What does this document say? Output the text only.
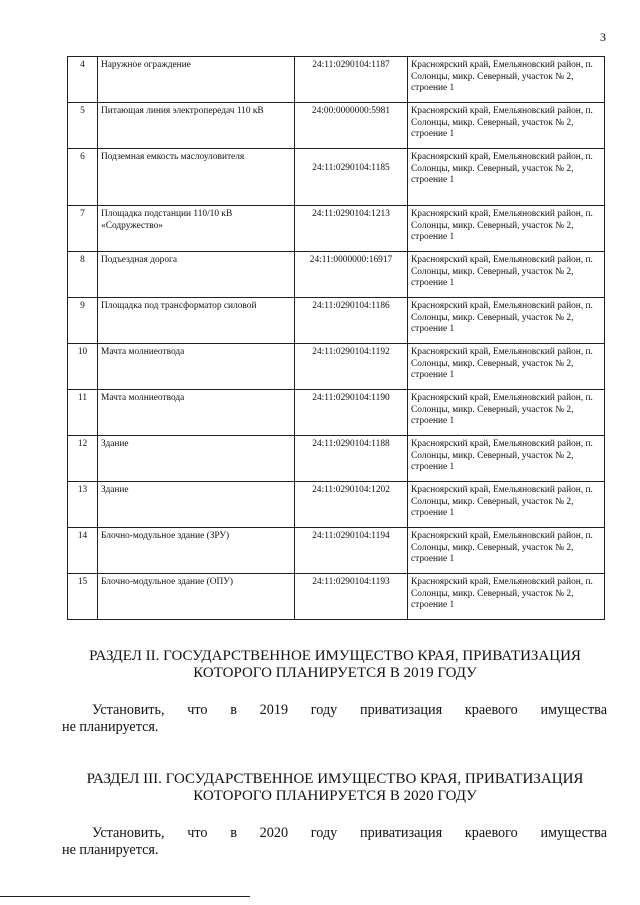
3
4	Наружное ограждение	24:11:0290104:1187	Красноярский край, Емельяновский район, п. Солонцы, микр. Северный, участок № 2, строение 1
5	Питающая линия электропередач 110 кВ	24:00:0000000:5981	Красноярский край, Емельяновский район, п. Солонцы, микр. Северный, участок № 2, строение 1
6	Подземная емкость маслоуловителя	24:11:0290104:1185	Красноярский край, Емельяновский район, п. Солонцы, микр. Северный, участок № 2, строение 1
7	Площадка подстанции 110/10 кВ «Содружество»	24:11:0290104:1213	Красноярский край, Емельяновский район, п. Солонцы, микр. Северный, участок № 2, строение 1
8	Подъездная дорога	24:11:0000000:16917	Красноярский край, Емельяновский район, п. Солонцы, микр. Северный, участок № 2, строение 1
9	Площадка под трансформатор силовой	24:11:0290104:1186	Красноярский край, Емельяновский район, п. Солонцы, микр. Северный, участок № 2, строение 1
10	Мачта молниеотвода	24:11:0290104:1192	Красноярский край, Емельяновский район, п. Солонцы, микр. Северный, участок № 2, строение 1
11	Мачта молниеотвода	24:11:0290104:1190	Красноярский край, Емельяновский район, п. Солонцы, микр. Северный, участок № 2, строение 1
12	Здание	24:11:0290104:1188	Красноярский край, Емельяновский район, п. Солонцы, микр. Северный, участок № 2, строение 1
13	Здание	24:11:0290104:1202	Красноярский край, Емельяновский район, п. Солонцы, микр. Северный, участок № 2, строение 1
14	Блочно-модульное здание (ЗРУ)	24:11:0290104:1194	Красноярский край, Емельяновский район, п. Солонцы, микр. Северный, участок № 2, строение 1
15	Блочно-модульное здание (ОПУ)	24:11:0290104:1193	Красноярский край, Емельяновский район, п. Солонцы, микр. Северный, участок № 2, строение 1
РАЗДЕЛ II. ГОСУДАРСТВЕННОЕ ИМУЩЕСТВО КРАЯ, ПРИВАТИЗАЦИЯ
КОТОРОГО ПЛАНИРУЕТСЯ В 2019 ГОДУ
Установить, что в 2019 году приватизация краевого имущества
не планируется.
РАЗДЕЛ III. ГОСУДАРСТВЕННОЕ ИМУЩЕСТВО КРАЯ, ПРИВАТИЗАЦИЯ
КОТОРОГО ПЛАНИРУЕТСЯ В 2020 ГОДУ
Установить, что в 2020 году приватизация краевого имущества
не планируется.
